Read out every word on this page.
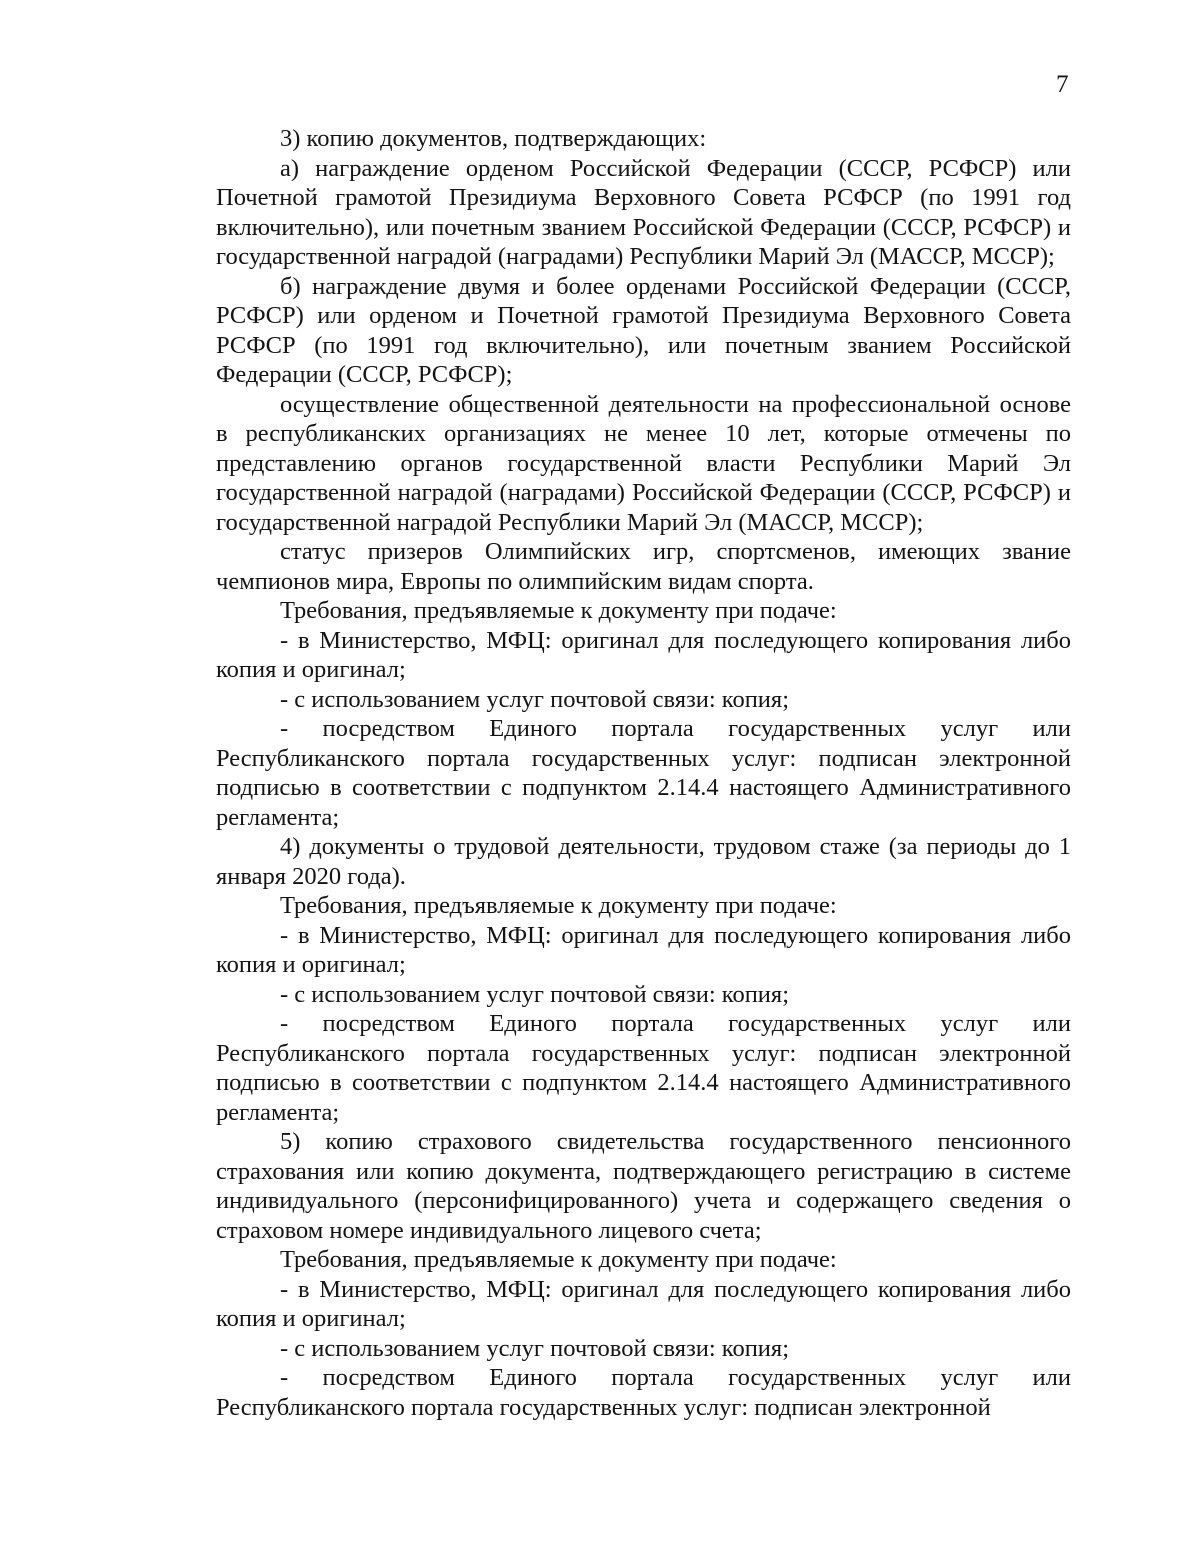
7

3) копию документов, подтверждающих:

а) награждение орденом Российской Федерации (СССР, РСФСР) или Почетной грамотой Президиума Верховного Совета РСФСР (по 1991 год включительно), или почетным званием Российской Федерации (СССР, РСФСР) и государственной наградой (наградами) Республики Марий Эл (МАССР, МССР);

б) награждение двумя и более орденами Российской Федерации (СССР, РСФСР) или орденом и Почетной грамотой Президиума Верховного Совета РСФСР (по 1991 год включительно), или почетным званием Российской Федерации (СССР, РСФСР);

осуществление общественной деятельности на профессиональной основе в республиканских организациях не менее 10 лет, которые отмечены по представлению органов государственной власти Республики Марий Эл государственной наградой (наградами) Российской Федерации (СССР, РСФСР) и государственной наградой Республики Марий Эл (МАССР, МССР);

статус призеров Олимпийских игр, спортсменов, имеющих звание чемпионов мира, Европы по олимпийским видам спорта.

Требования, предъявляемые к документу при подаче:

- в Министерство, МФЦ: оригинал для последующего копирования либо копия и оригинал;

- с использованием услуг почтовой связи: копия;

- посредством Единого портала государственных услуг или Республиканского портала государственных услуг: подписан электронной подписью в соответствии с подпунктом 2.14.4 настоящего Административного регламента;

4) документы о трудовой деятельности, трудовом стаже (за периоды до 1 января 2020 года).

Требования, предъявляемые к документу при подаче:

- в Министерство, МФЦ: оригинал для последующего копирования либо копия и оригинал;

- с использованием услуг почтовой связи: копия;

- посредством Единого портала государственных услуг или Республиканского портала государственных услуг: подписан электронной подписью в соответствии с подпунктом 2.14.4 настоящего Административного регламента;

5) копию страхового свидетельства государственного пенсионного страхования или копию документа, подтверждающего регистрацию в системе индивидуального (персонифицированного) учета и содержащего сведения о страховом номере индивидуального лицевого счета;

Требования, предъявляемые к документу при подаче:

- в Министерство, МФЦ: оригинал для последующего копирования либо копия и оригинал;

- с использованием услуг почтовой связи: копия;

- посредством Единого портала государственных услуг или Республиканского портала государственных услуг: подписан электронной
